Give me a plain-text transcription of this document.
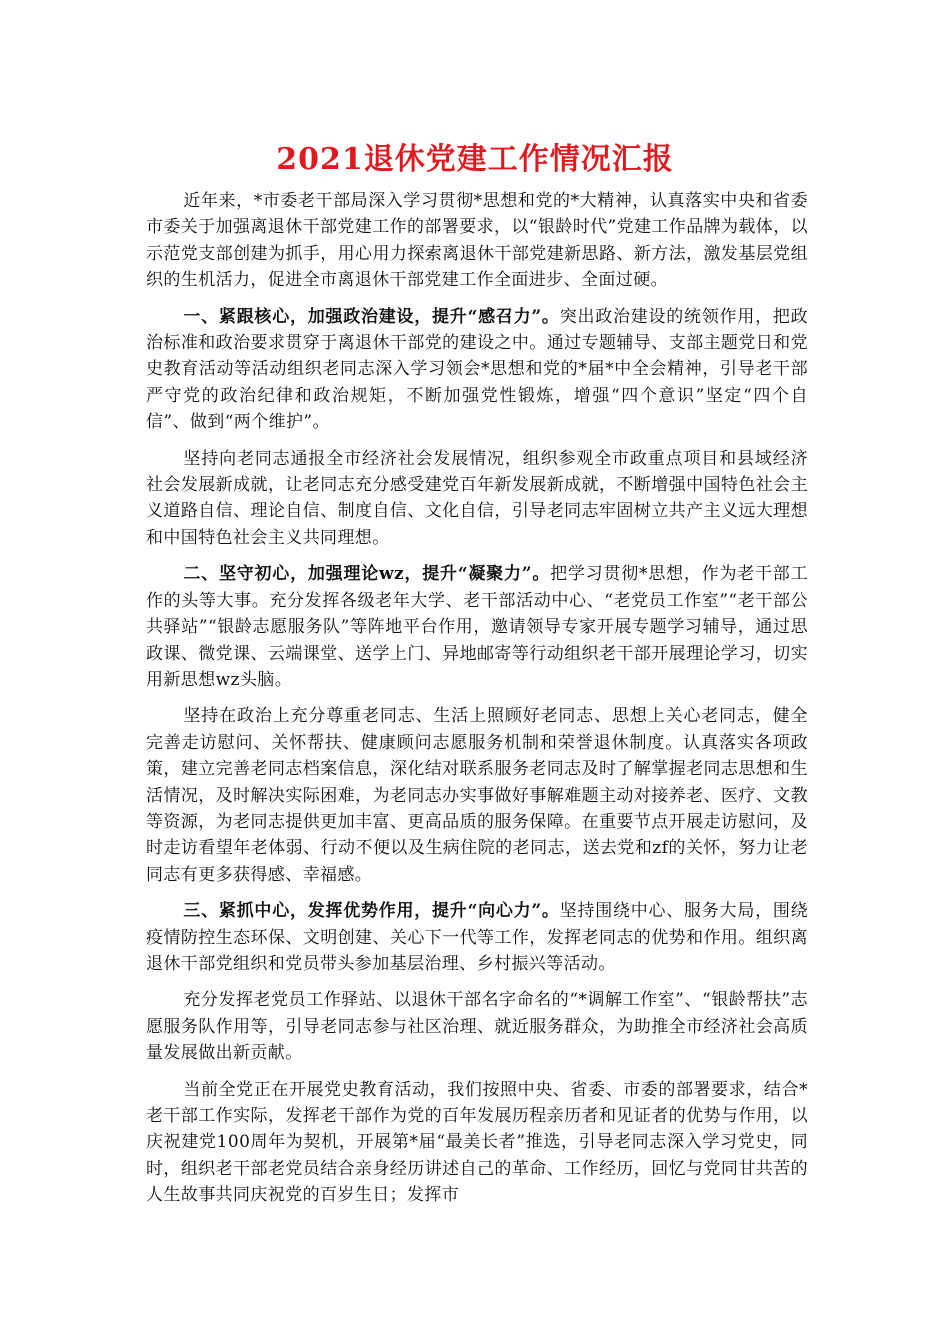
2021退休党建工作情况汇报

近年来，*市委老干部局深入学习贯彻*思想和党的*大精神，认真落实中央和省委市委关于加强离退休干部党建工作的部署要求，以“银龄时代”党建工作品牌为载体，以示范党支部创建为抓手，用心用力探索离退休干部党建新思路、新方法，激发基层党组织的生机活力，促进全市离退休干部党建工作全面进步、全面过硬。

一、紧跟核心，加强政治建设，提升“感召力”。突出政治建设的统领作用，把政治标准和政治要求贯穿于离退休干部党的建设之中。通过专题辅导、支部主题党日和党史教育活动等活动组织老同志深入学习领会*思想和党的*届*中全会精神，引导老干部严守党的政治纪律和政治规矩，不断加强党性锻炼，增强“四个意识”坚定“四个自信”、做到“两个维护”。

坚持向老同志通报全市经济社会发展情况，组织参观全市政重点项目和县域经济社会发展新成就，让老同志充分感受建党百年新发展新成就，不断增强中国特色社会主义道路自信、理论自信、制度自信、文化自信，引导老同志牢固树立共产主义远大理想和中国特色社会主义共同理想。

二、坚守初心，加强理论wz，提升“凝聚力”。把学习贯彻*思想，作为老干部工作的头等大事。充分发挥各级老年大学、老干部活动中心、“老党员工作室”“老干部公共驿站”“银龄志愿服务队”等阵地平台作用，邀请领导专家开展专题学习辅导，通过思政课、微党课、云端课堂、送学上门、异地邮寄等行动组织老干部开展理论学习，切实用新思想wz头脑。

坚持在政治上充分尊重老同志、生活上照顾好老同志、思想上关心老同志，健全完善走访慰问、关怀帮扶、健康顾问志愿服务机制和荣誉退休制度。认真落实各项政策，建立完善老同志档案信息，深化结对联系服务老同志及时了解掌握老同志思想和生活情况，及时解决实际困难，为老同志办实事做好事解难题主动对接养老、医疗、文教等资源，为老同志提供更加丰富、更高品质的服务保障。在重要节点开展走访慰问，及时走访看望年老体弱、行动不便以及生病住院的老同志，送去党和zf的关怀，努力让老同志有更多获得感、幸福感。

三、紧抓中心，发挥优势作用，提升“向心力”。坚持围绕中心、服务大局，围绕疫情防控生态环保、文明创建、关心下一代等工作，发挥老同志的优势和作用。组织离退休干部党组织和党员带头参加基层治理、乡村振兴等活动。

充分发挥老党员工作驿站、以退休干部名字命名的“*调解工作室”、“银龄帮扶”志愿服务队作用等，引导老同志参与社区治理、就近服务群众，为助推全市经济社会高质量发展做出新贡献。

当前全党正在开展党史教育活动，我们按照中央、省委、市委的部署要求，结合*老干部工作实际，发挥老干部作为党的百年发展历程亲历者和见证者的优势与作用，以庆祝建党100周年为契机，开展第*届“最美长者”推选，引导老同志深入学习党史，同时，组织老干部老党员结合亲身经历讲述自己的革命、工作经历，回忆与党同甘共苦的人生故事共同庆祝党的百岁生日；发挥市
